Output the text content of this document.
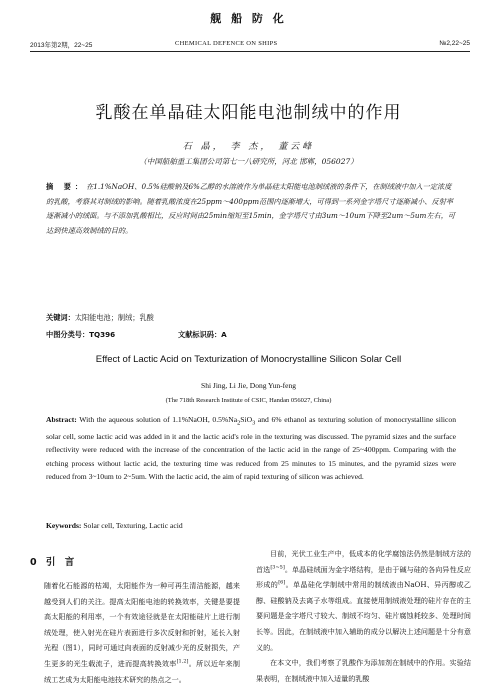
舰 船 防 化
2013年第2期，22~25	CHEMICAL DEFENCE ON SHIPS	№2,22~25
乳酸在单晶硅太阳能电池制绒中的作用
石 晶， 李 杰， 董云峰
（中国船舶重工集团公司第七一八研究所，河北 邯郸，056027）
摘 要：在1.1%NaOH、0.5%硅酸钠及6%乙醇的水溶液作为单晶硅太阳能电池制绒液的条件下，在制绒液中加入一定浓度的乳酸，考察其对制绒的影响。随着乳酸浓度在25ppm～400ppm范围内逐渐增大，可得到一系列金字塔尺寸逐渐减小、反射率逐渐减小的绒面。与不添加乳酸相比，反应时间由25min缩短至15min，金字塔尺寸由3um～10um下降至2um～5um左右，可达到快速高效制绒的目的。
关键词：太阳能电池；制绒；乳酸
中图分类号：TQ396	文献标识码：A
Effect of Lactic Acid on Texturization of Monocrystalline Silicon Solar Cell
Shi Jing, Li Jie, Dong Yun-feng
(The 718th Research Institute of CSIC, Handan 056027, China)
Abstract: With the aqueous solution of 1.1%NaOH, $0.5\%Na_2SiO_3$ and 6% ethanol as texturing solution of monocrystalline silicon solar cell, some lactic acid was added in it and the lactic acid's role in the texturing was discussed. The pyramid sizes and the surface reflectivity were reduced with the increase of the concentration of the lactic acid in the range of 25~400ppm. Comparing with the etching process without lactic acid, the texturing time was reduced from 25 minutes to 15 minutes, and the pyramid sizes were reduced from 3~10um to 2~5um. With the lactic acid, the aim of rapid texturing of silicon was achieved.
Keywords: Solar cell, Texturing, Lactic acid
0 引 言
随着化石能源的枯竭，太阳能作为一种可再生清洁能源，越来越受到人们的关注。提高太阳能电池的转换效率，关键是要提高太阳能的利用率，一个有效途径就是在太阳能硅片上进行制绒处理，使入射光在硅片表面进行多次反射和折射，延长入射光程（图1），同时可通过向表面的反射减少光的反射损失，产生更多的光生载流子，进而提高转换效率[1,2]。所以近年来制绒工艺成为太阳能电池技术研究的热点之一。

目前，光伏工业生产中，低成本的化学腐蚀法仍然是制绒方法的首选[3~5]。单晶硅绒面为金字塔结构，是由于碱与硅的各向异性反应形成的[6]。单晶硅化学制绒中常用的制绒液由NaOH、异丙醇或乙醇、硅酸钠及去离子水等组成。直接使用制绒液处理的硅片存在的主要问题是金字塔尺寸较大、制绒不均匀、硅片腐蚀耗较多、处理时间长等。因此，在制绒液中加入辅助的成分以解决上述问题是十分有意义的。

在本文中，我们考察了乳酸作为添加剂在制绒中的作用。实验结果表明，在制绒液中加入适量的乳酸
